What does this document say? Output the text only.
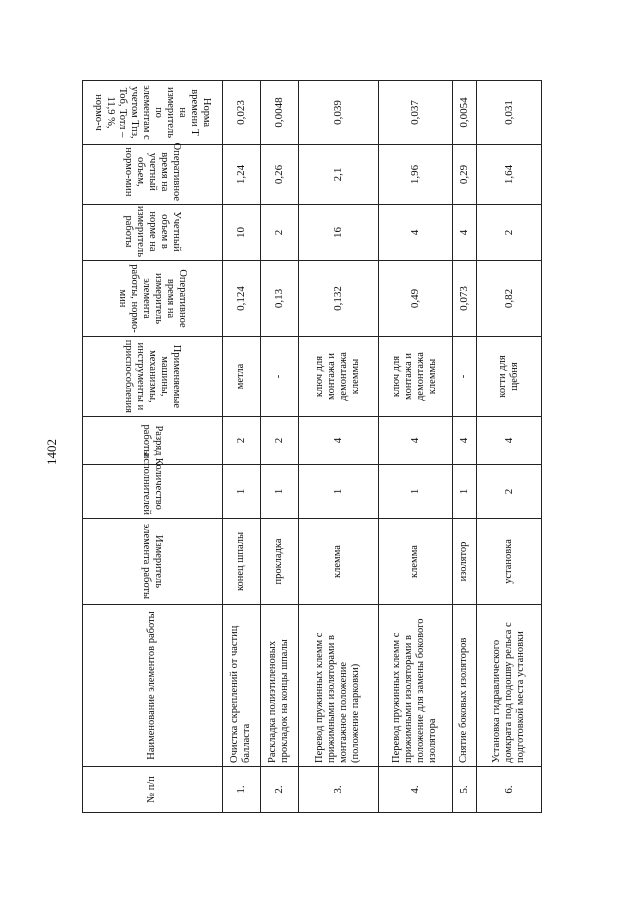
1402
№ п/п	Наименование элементов работы	Измеритель элемента работы	Количество исполнителей	Разряд работы	Применяемые машины, механизмы, инструменты и приспособления	Оперативное время на измеритель элемента работы, нормо-мин	Учетный объем в норме на измеритель работы	Оперативное время на учетный объем, нормо-мин	Норма времени Т на измеритель по элементам с учетом Тпз, Тоб, Тотл – 11,9 %, нормо-ч
1.	Очистка скреплений от частиц балласта	конец шпалы	1	2	метла	0,124	10	1,24	0,023
2.	Раскладка полиэтиленовых прокладок на концы шпалы	прокладка	1	2	-	0,13	2	0,26	0,0048
3.	Перевод пружинных клемм с прижимными изоляторами в монтажное положение (положение парковки)	клемма	1	4	ключ для монтажа и демонтажа клеммы	0,132	16	2,1	0,039
4.	Перевод пружинных клемм с прижимными изоляторами в положение для замены бокового изолятора	клемма	1	4	ключ для монтажа и демонтажа клеммы	0,49	4	1,96	0,037
5.	Снятие боковых изоляторов	изолятор	1	4	-	0,073	4	0,29	0,0054
6.	Установка гидравлического домкрата под подошву рельса с подготовкой места установки	установка	2	4	когти для щебня	0,82	2	1,64	0,031
